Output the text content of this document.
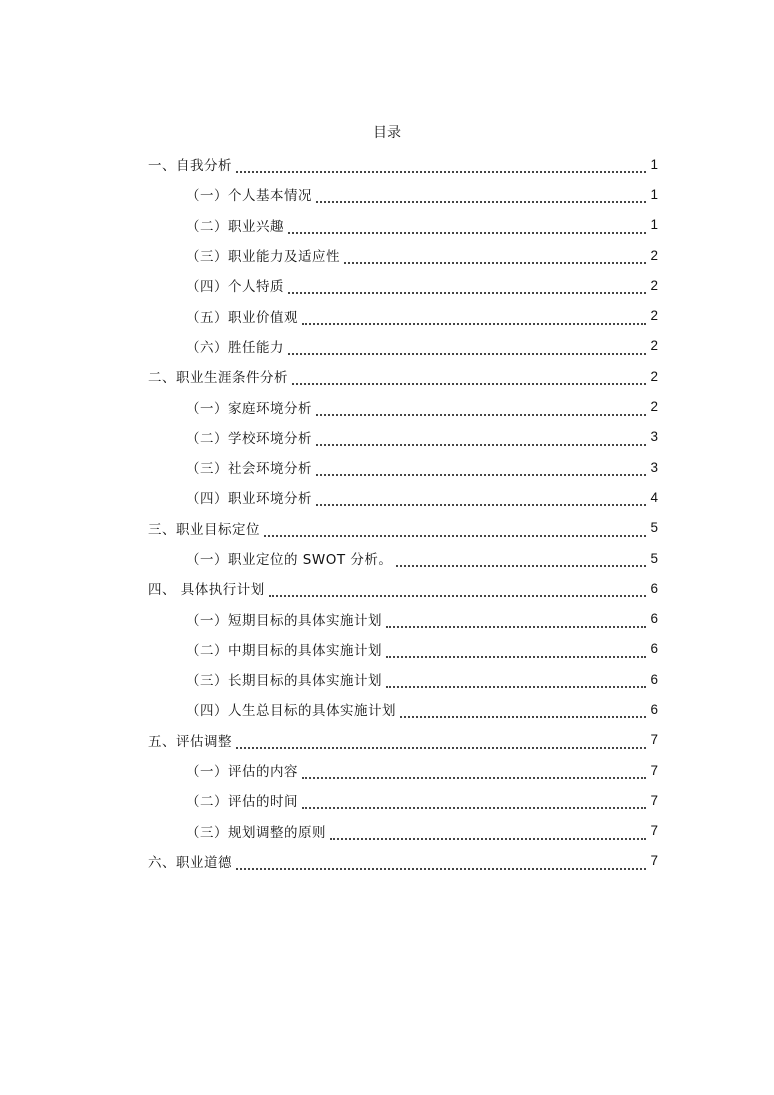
目录
一、自我分析	1
（一）个人基本情况	1
（二）职业兴趣	1
（三）职业能力及适应性	2
（四）个人特质	2
（五）职业价值观	2
（六）胜任能力	2
二、职业生涯条件分析	2
（一）家庭环境分析	2
（二）学校环境分析	3
（三）社会环境分析	3
（四）职业环境分析	4
三、职业目标定位	5
（一）职业定位的 SWOT 分析。	5
四、 具体执行计划	6
（一）短期目标的具体实施计划	6
（二）中期目标的具体实施计划	6
（三）长期目标的具体实施计划	6
（四）人生总目标的具体实施计划	6
五、评估调整	7
（一）评估的内容	7
（二）评估的时间	7
（三）规划调整的原则	7
六、职业道德	7
